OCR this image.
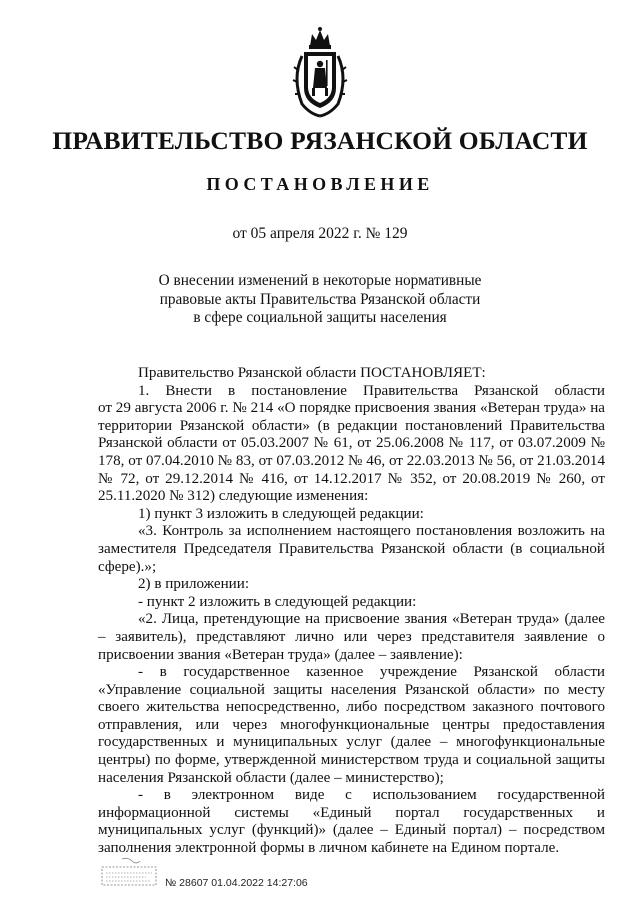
ПРАВИТЕЛЬСТВО РЯЗАНСКОЙ ОБЛАСТИ
ПОСТАНОВЛЕНИЕ
от 05 апреля 2022 г. № 129
О внесении изменений в некоторые нормативные
правовые акты Правительства Рязанской области
в сфере социальной защиты населения
Правительство Рязанской области ПОСТАНОВЛЯЕТ:
1. Внести в постановление Правительства Рязанской области
от 29 августа 2006 г. № 214 «О порядке присвоения звания «Ветеран труда» на территории Рязанской области» (в редакции постановлений Правительства Рязанской области от 05.03.2007 № 61, от 25.06.2008 № 117, от 03.07.2009 № 178, от 07.04.2010 № 83, от 07.03.2012 № 46, от 22.03.2013 № 56, от 21.03.2014 № 72, от 29.12.2014 № 416, от 14.12.2017 № 352, от 20.08.2019 № 260, от 25.11.2020 № 312) следующие изменения:
1) пункт 3 изложить в следующей редакции:
«3. Контроль за исполнением настоящего постановления возложить на заместителя Председателя Правительства Рязанской области (в социальной сфере).»;
2) в приложении:
- пункт 2 изложить в следующей редакции:
«2. Лица, претендующие на присвоение звания «Ветеран труда» (далее – заявитель), представляют лично или через представителя заявление о присвоении звания «Ветеран труда» (далее – заявление):
- в государственное казенное учреждение Рязанской области «Управление социальной защиты населения Рязанской области» по месту своего жительства непосредственно, либо посредством заказного почтового отправления, или через многофункциональные центры предоставления государственных и муниципальных услуг (далее – многофункциональные центры) по форме, утвержденной министерством труда и социальной защиты населения Рязанской области (далее – министерство);
- в электронном виде с использованием государственной информационной системы «Единый портал государственных и муниципальных услуг (функций)» (далее – Единый портал) – посредством заполнения электронной формы в личном кабинете на Едином портале.
№ 28607 01.04.2022 14:27:06
